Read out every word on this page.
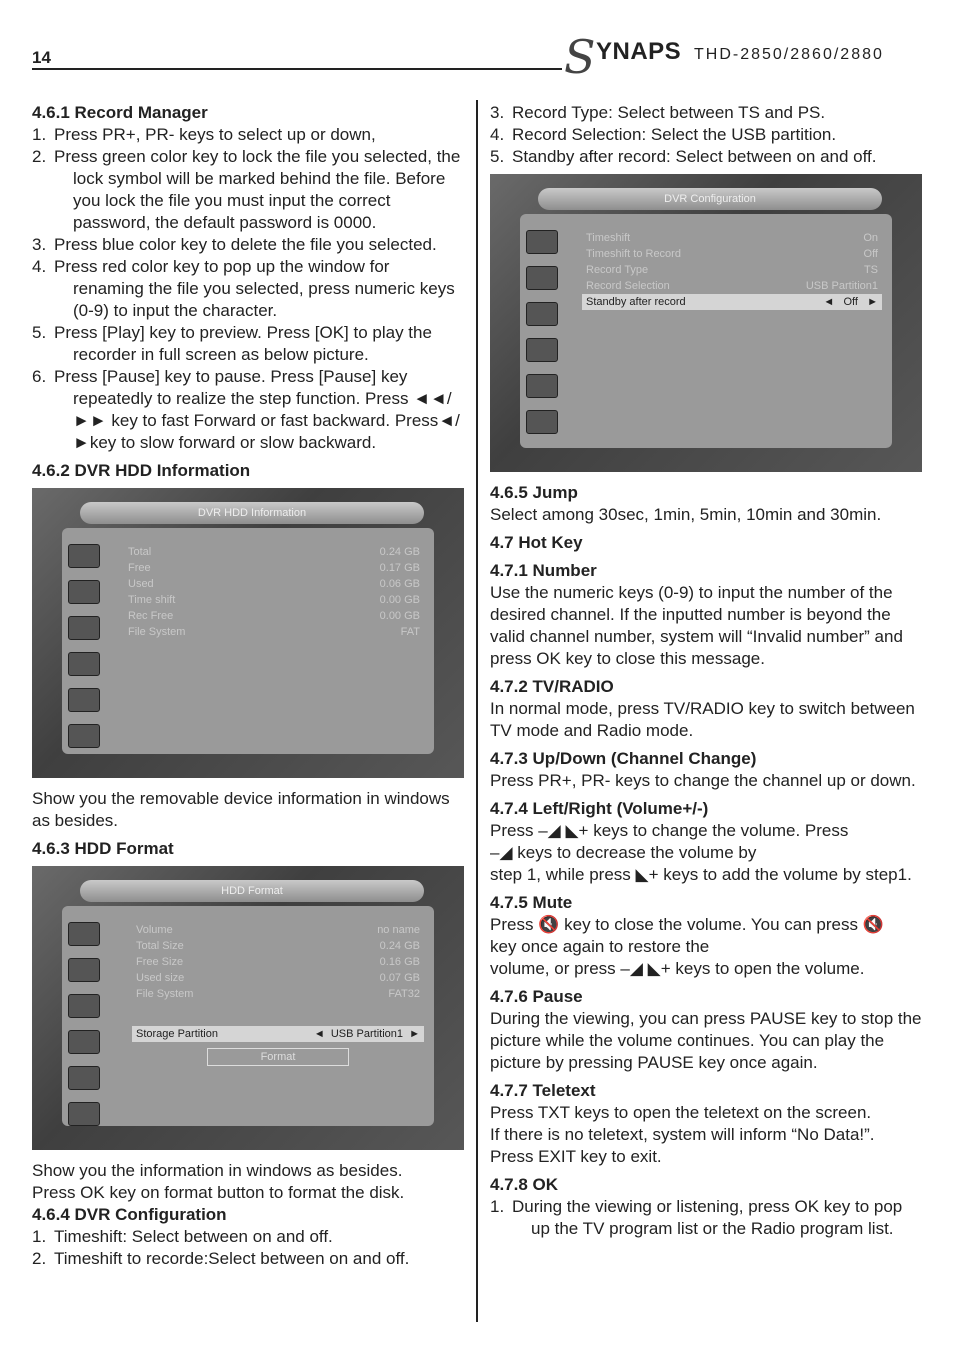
14	S YNAPS THD-2850/2860/2880
4.6.1 Record Manager
1. Press PR+, PR- keys to select up or down,
2. Press green color key to lock the file you selected, the lock symbol will be marked behind the file. Before you lock the file you must input the correct password, the default password is 0000.
3. Press blue color key to delete the file you selected.
4. Press red color key to pop up the window for renaming the file you selected, press numeric keys (0-9) to input the character.
5. Press [Play] key to preview. Press [OK] to play the recorder in full screen as below picture.
6. Press [Pause] key to pause. Press [Pause] key repeatedly to realize the step function. Press ◄◄/►► key to fast Forward or fast backward. Press◄/►key to slow forward or slow backward.
4.6.2 DVR HDD Information
DVR HDD Information
Total	0.24 GB
Free	0.17 GB
Used	0.06 GB
Time shift	0.00 GB
Rec Free	0.00 GB
File System	FAT

Show you the removable device information in windows as besides.

4.6.3 HDD Format
HDD Format
Volume	no name
Total Size	0.24 GB
Free Size	0.16 GB
Used size	0.07 GB
File System	FAT32
Storage Partition	◄  USB Partition1  ►
Format

Show you the information in windows as besides.

Press OK key on format button to format the disk.

4.6.4 DVR Configuration
1. Timeshift: Select between on and off.
2. Timeshift to recorde:Select between on and off.
3. Record Type: Select between TS and PS.
4. Record Selection: Select the USB partition.
5. Standby after record: Select between on and off.
DVR Configuration
Timeshift	On
Timeshift to Record	Off
Record Type	TS
Record Selection	USB Partition1
Standby after record	◄   Off   ►
4.6.5 Jump

Select among 30sec, 1min, 5min, 10min and 30min.

4.7 Hot Key
4.7.1 Number

Use the numeric keys (0-9) to input the number of the desired channel. If the inputted number is beyond the valid channel number, system will “Invalid number” and press OK key to close this message.

4.7.2 TV/RADIO

In normal mode, press TV/RADIO key to switch between TV mode and Radio mode.

4.7.3 Up/Down (Channel Change)

Press PR+, PR- keys to change the channel up or down.

4.7.4 Left/Right (Volume+/-)

Press –◢ ◣+ keys to change the volume. Press
–◢ keys to decrease the volume by
step 1, while press ◣+ keys to add the volume by step1.

4.7.5 Mute

Press 🔇 key to close the volume. You can press 🔇
key once again to restore the
volume, or press –◢ ◣+ keys to open the volume.

4.7.6 Pause

During the viewing, you can press PAUSE key to stop the picture while the volume continues. You can play the picture by pressing PAUSE key once again.

4.7.7 Teletext

Press TXT keys to open the teletext on the screen.

If there is no teletext, system will inform “No Data!”.

Press EXIT key to exit.

4.7.8 OK
1. During the viewing or listening, press OK key to pop up the TV program list or the Radio program list.
